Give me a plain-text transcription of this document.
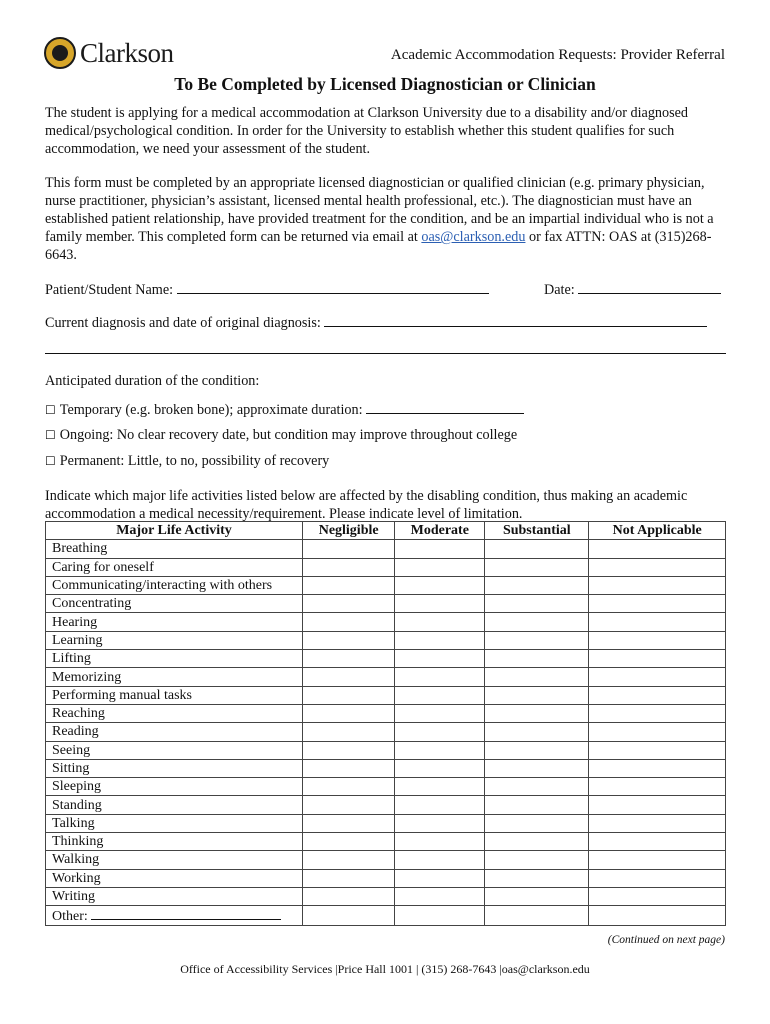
Clarkson	Academic Accommodation Requests: Provider Referral
To Be Completed by Licensed Diagnostician or Clinician
The student is applying for a medical accommodation at Clarkson University due to a disability and/or diagnosed medical/psychological condition. In order for the University to establish whether this student qualifies for such accommodation, we need your assessment of the student.
This form must be completed by an appropriate licensed diagnostician or qualified clinician (e.g. primary physician, nurse practitioner, physician’s assistant, licensed mental health professional, etc.). The diagnostician must have an established patient relationship, have provided treatment for the condition, and be an impartial individual who is not a family member. This completed form can be returned via email at oas@clarkson.edu or fax ATTN: OAS at (315)268-6643.
Patient/Student Name:	Date:
Current diagnosis and date of original diagnosis:
Anticipated duration of the condition:
☐ Temporary (e.g. broken bone); approximate duration:
☐ Ongoing: No clear recovery date, but condition may improve throughout college
☐ Permanent: Little, to no, possibility of recovery
Indicate which major life activities listed below are affected by the disabling condition, thus making an academic accommodation a medical necessity/requirement. Please indicate level of limitation.
Major Life Activity	Negligible	Moderate	Substantial	Not Applicable
Breathing				
Caring for oneself				
Communicating/interacting with others				
Concentrating				
Hearing				
Learning				
Lifting				
Memorizing				
Performing manual tasks				
Reaching				
Reading				
Seeing				
Sitting				
Sleeping				
Standing				
Talking				
Thinking				
Walking				
Working				
Writing				
Other:				
(Continued on next page)
Office of Accessibility Services |Price Hall 1001 | (315) 268-7643 |oas@clarkson.edu
